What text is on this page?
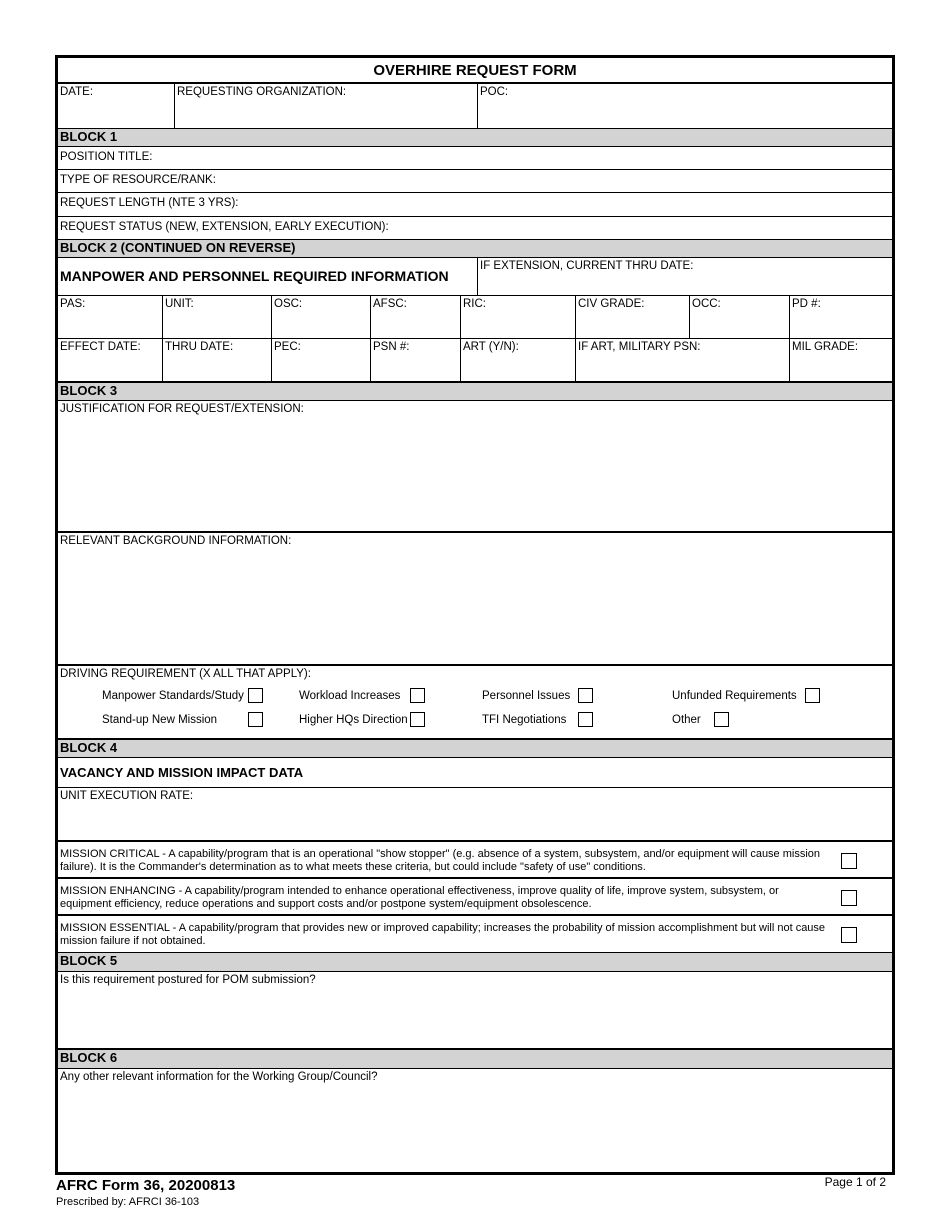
OVERHIRE REQUEST FORM
DATE:	REQUESTING ORGANIZATION:	POC:
BLOCK 1
POSITION TITLE:
TYPE OF RESOURCE/RANK:
REQUEST LENGTH (NTE 3 YRS):
REQUEST STATUS (NEW, EXTENSION, EARLY EXECUTION):
BLOCK 2 (CONTINUED ON REVERSE)
MANPOWER AND PERSONNEL REQUIRED INFORMATION
IF EXTENSION, CURRENT THRU DATE:
PAS:	UNIT:	OSC:	AFSC:	RIC:	CIV GRADE:	OCC:	PD #:
EFFECT DATE:	THRU DATE:	PEC:	PSN #:	ART (Y/N):	IF ART, MILITARY PSN:	MIL GRADE:
BLOCK 3
JUSTIFICATION FOR REQUEST/EXTENSION:
RELEVANT BACKGROUND INFORMATION:
DRIVING REQUIREMENT (X ALL THAT APPLY):
Manpower Standards/Study	Workload Increases	Personnel Issues	Unfunded Requirements
Stand-up New Mission	Higher HQs Direction	TFI Negotiations	Other
BLOCK 4
VACANCY AND MISSION IMPACT DATA
UNIT EXECUTION RATE:
MISSION CRITICAL - A capability/program that is an operational "show stopper" (e.g. absence of a system, subsystem, and/or equipment will cause mission failure). It is the Commander's determination as to what meets these criteria, but could include "safety of use" conditions.
MISSION ENHANCING - A capability/program intended to enhance operational effectiveness, improve quality of life, improve system, subsystem, or equipment efficiency, reduce operations and support costs and/or postpone system/equipment obsolescence.
MISSION ESSENTIAL - A capability/program that provides new or improved capability; increases the probability of mission accomplishment but will not cause mission failure if not obtained.
BLOCK 5
Is this requirement postured for POM submission?
BLOCK 6
Any other relevant information for the Working Group/Council?
AFRC Form 36, 20200813
Prescribed by: AFRCI 36-103
Page 1 of 2
